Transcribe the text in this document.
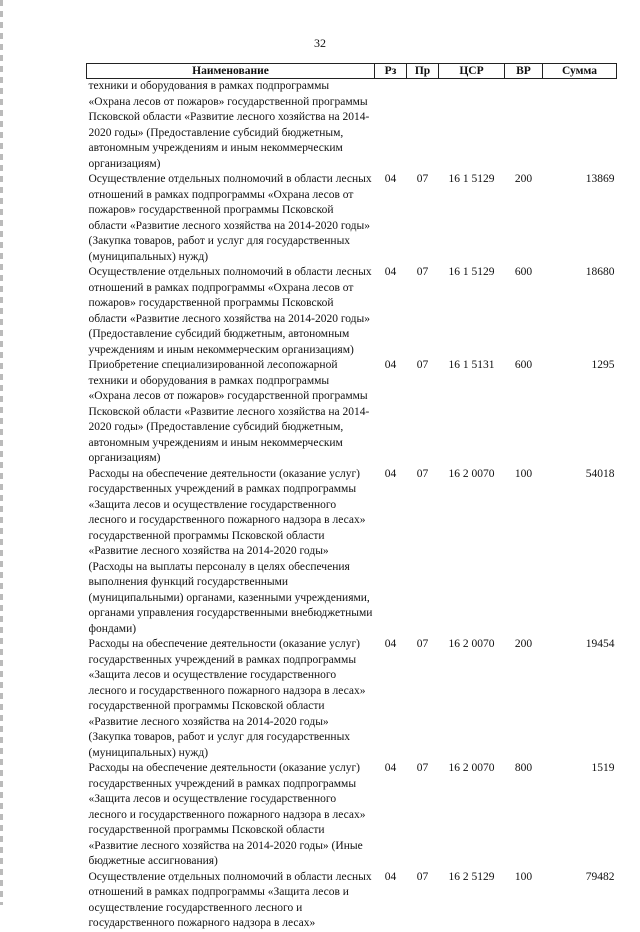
32
Наименование	Рз	Пр	ЦСР	ВР	Сумма
техники и оборудования в рамках подпрограммы «Охрана лесов от пожаров» государственной программы Псковской области «Развитие лесного хозяйства на 2014-2020 годы» (Предоставление субсидий бюджетным, автономным учреждениям и иным некоммерческим организациям)					
Осуществление отдельных полномочий в области лесных отношений в рамках подпрограммы «Охрана лесов от пожаров» государственной программы Псковской области «Развитие лесного хозяйства на 2014-2020 годы» (Закупка товаров, работ и услуг для государственных (муниципальных) нужд)	04	07	16 1 5129	200	13869
Осуществление отдельных полномочий в области лесных отношений в рамках подпрограммы «Охрана лесов от пожаров» государственной программы Псковской области «Развитие лесного хозяйства на 2014-2020 годы» (Предоставление субсидий бюджетным, автономным учреждениям и иным некоммерческим организациям)	04	07	16 1 5129	600	18680
Приобретение специализированной лесопожарной техники и оборудования в рамках подпрограммы «Охрана лесов от пожаров» государственной программы Псковской области «Развитие лесного хозяйства на 2014-2020 годы» (Предоставление субсидий бюджетным, автономным учреждениям и иным некоммерческим организациям)	04	07	16 1 5131	600	1295
Расходы на обеспечение деятельности (оказание услуг) государственных учреждений в рамках подпрограммы «Защита лесов и осуществление государственного лесного и государственного пожарного надзора в лесах» государственной программы Псковской области «Развитие лесного хозяйства на 2014-2020 годы» (Расходы на выплаты персоналу в целях обеспечения выполнения функций государственными (муниципальными) органами, казенными учреждениями, органами управления государственными внебюджетными фондами)	04	07	16 2 0070	100	54018
Расходы на обеспечение деятельности (оказание услуг) государственных учреждений в рамках подпрограммы «Защита лесов и осуществление государственного лесного и государственного пожарного надзора в лесах» государственной программы Псковской области «Развитие лесного хозяйства на 2014-2020 годы» (Закупка товаров, работ и услуг для государственных (муниципальных) нужд)	04	07	16 2 0070	200	19454
Расходы на обеспечение деятельности (оказание услуг) государственных учреждений в рамках подпрограммы «Защита лесов и осуществление государственного лесного и государственного пожарного надзора в лесах» государственной программы Псковской области «Развитие лесного хозяйства на 2014-2020 годы» (Иные бюджетные ассигнования)	04	07	16 2 0070	800	1519
Осуществление отдельных полномочий в области лесных отношений в рамках подпрограммы «Защита лесов и осуществление государственного лесного и государственного пожарного надзора в лесах»	04	07	16 2 5129	100	79482
